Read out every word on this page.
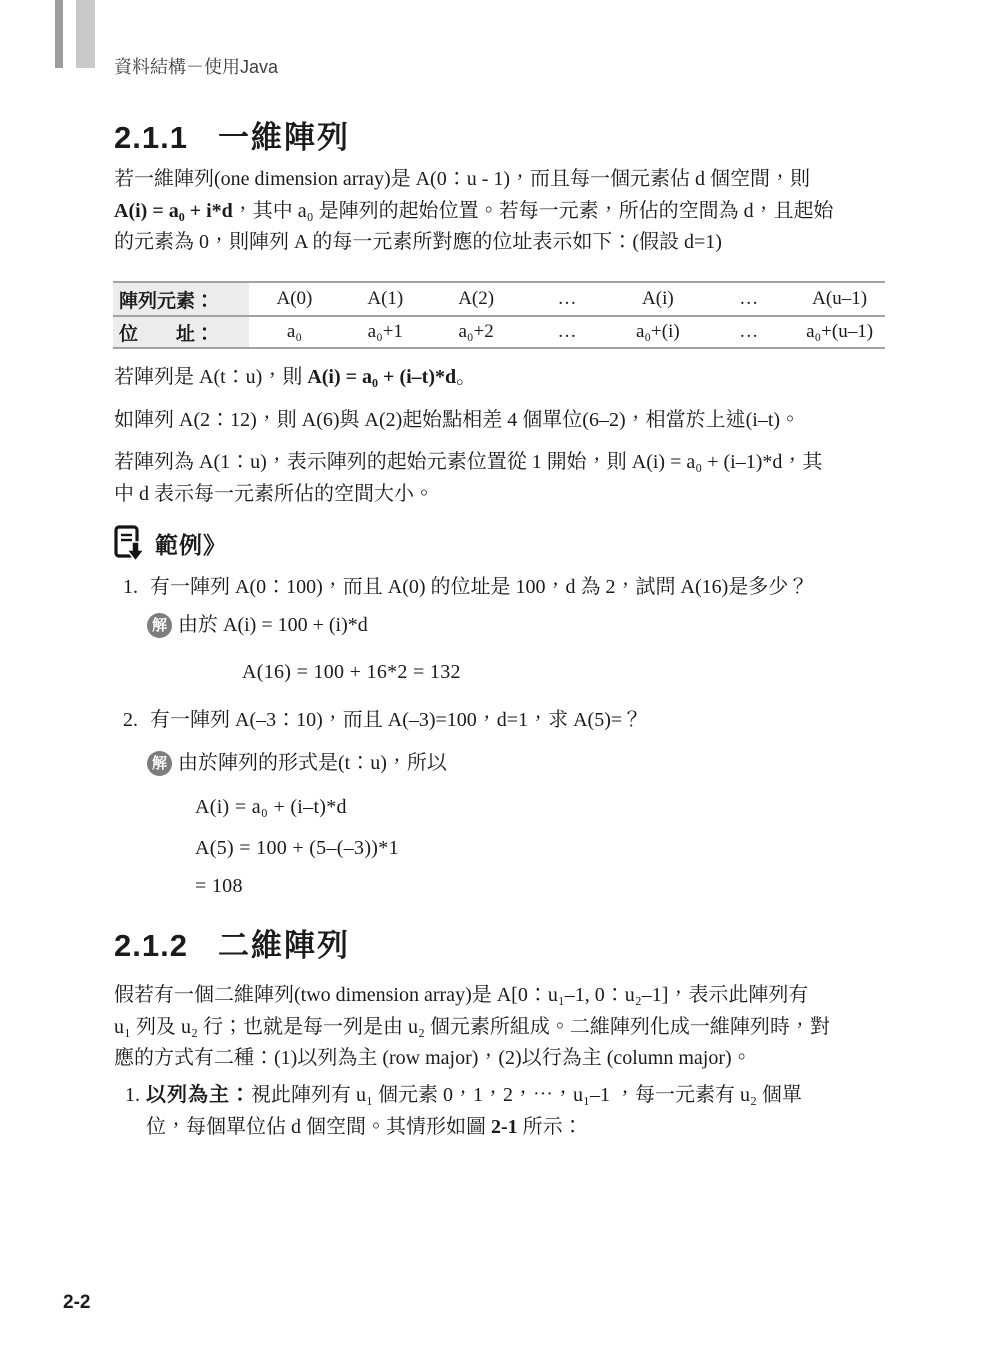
資料結構－使用Java
2.1.1 一維陣列
若一維陣列(one dimension array)是 A(0：u - 1)，而且每一個元素佔 d 個空間，則
A(i) = a₀ + i*d，其中 a₀ 是陣列的起始位置。若每一元素，所佔的空間為 d，且起始
的元素為 0，則陣列 A 的每一元素所對應的位址表示如下：(假設 d=1)
陣列元素：	A(0)	A(1)	A(2)	…	A(i)	…	A(u–1)
位　　址：	a₀	a₀+1	a₀+2	…	a₀+(i)	…	a₀+(u–1)
若陣列是 A(t：u)，則 A(i) = a₀ + (i–t)*d。
如陣列 A(2：12)，則 A(6)與 A(2)起始點相差 4 個單位(6–2)，相當於上述(i–t)。
若陣列為 A(1：u)，表示陣列的起始元素位置從 1 開始，則 A(i) = a₀ + (i–1)*d，其
中 d 表示每一元素所佔的空間大小。
範例》
1. 有一陣列 A(0：100)，而且 A(0) 的位址是 100，d 為 2，試問 A(16)是多少？
解 由於 A(i) = 100 + (i)*d
A(16) = 100 + 16*2 = 132
2. 有一陣列 A(–3：10)，而且 A(–3)=100，d=1，求 A(5)=？
解 由於陣列的形式是(t：u)，所以
A(i) = a₀ + (i–t)*d
A(5) = 100 + (5–(–3))*1
= 108
2.1.2 二維陣列
假若有一個二維陣列(two dimension array)是 A[0：u₁–1, 0：u₂–1]，表示此陣列有
u₁ 列及 u₂ 行；也就是每一列是由 u₂ 個元素所組成。二維陣列化成一維陣列時，對
應的方式有二種：(1)以列為主 (row major)，(2)以行為主 (column major)。
1. 以列為主：視此陣列有 u₁ 個元素 0，1，2，⋯，u₁–1 ，每一元素有 u₂ 個單
位，每個單位佔 d 個空間。其情形如圖 2-1 所示：
2-2
